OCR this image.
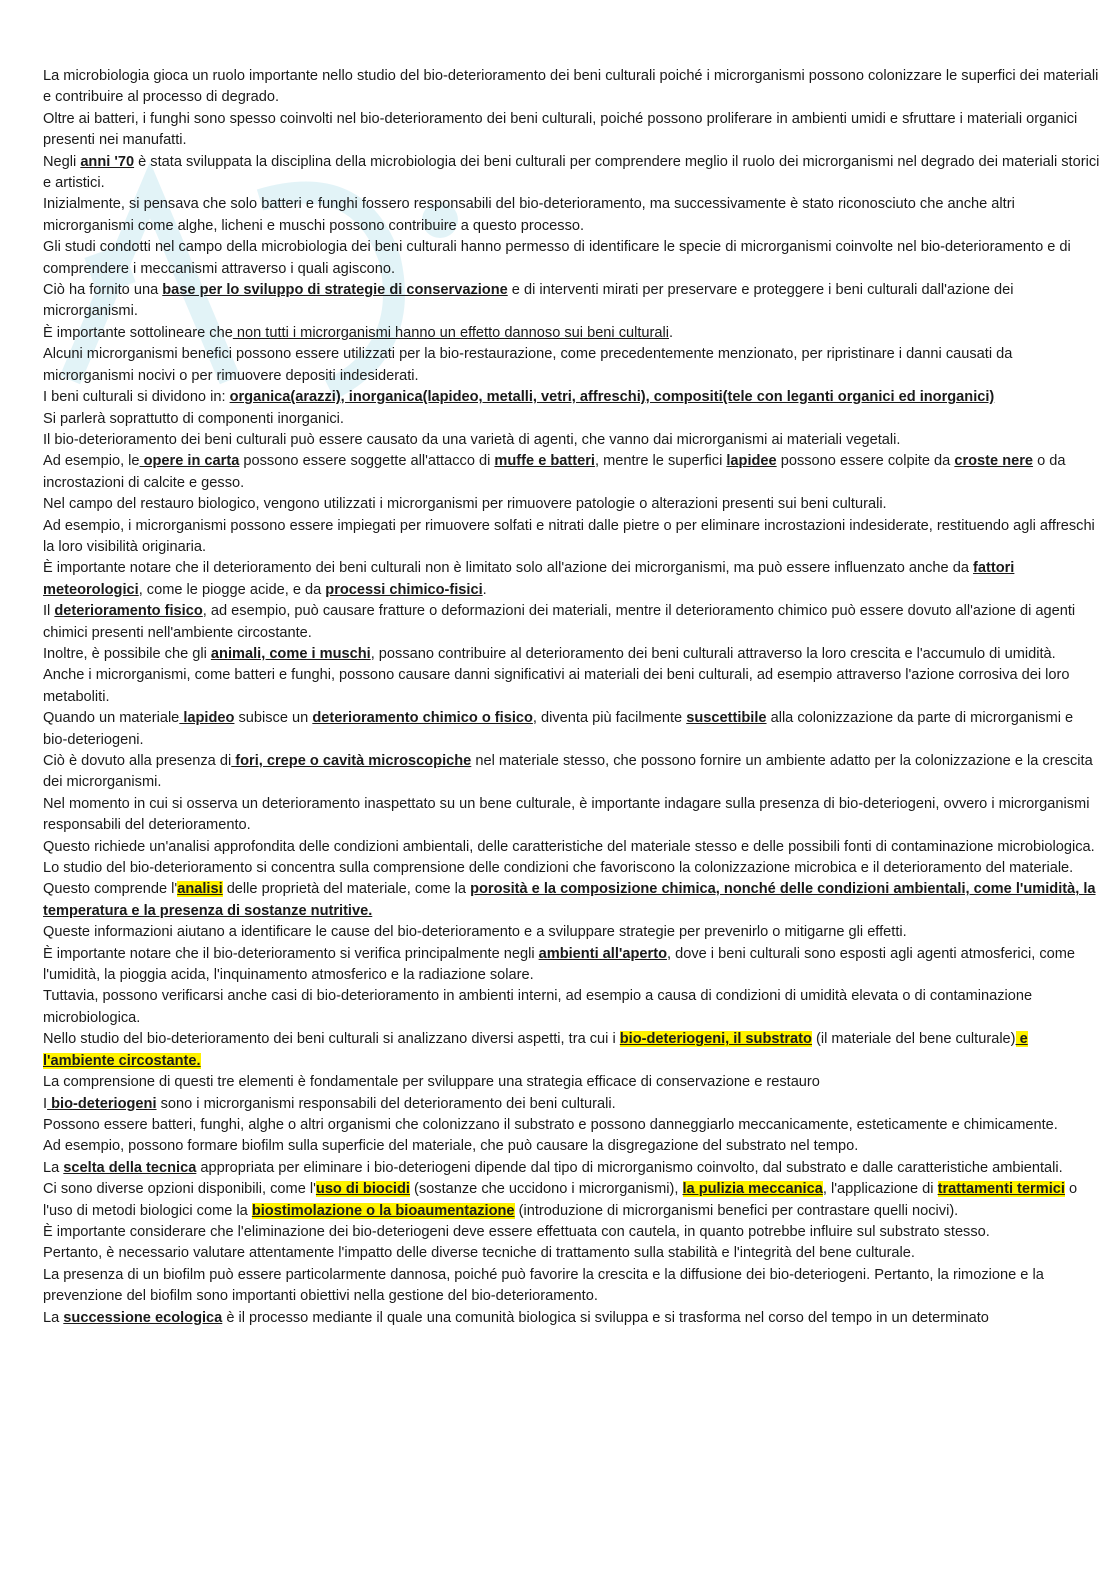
La microbiologia gioca un ruolo importante nello studio del bio-deterioramento dei beni culturali poiché i microrganismi possono colonizzare le superfici dei materiali e contribuire al processo di degrado.

Oltre ai batteri, i funghi sono spesso coinvolti nel bio-deterioramento dei beni culturali, poiché possono proliferare in ambienti umidi e sfruttare i materiali organici presenti nei manufatti.

Negli anni '70 è stata sviluppata la disciplina della microbiologia dei beni culturali per comprendere meglio il ruolo dei microrganismi nel degrado dei materiali storici e artistici.

Inizialmente, si pensava che solo batteri e funghi fossero responsabili del bio-deterioramento, ma successivamente è stato riconosciuto che anche altri microrganismi come alghe, licheni e muschi possono contribuire a questo processo.

Gli studi condotti nel campo della microbiologia dei beni culturali hanno permesso di identificare le specie di microrganismi coinvolte nel bio-deterioramento e di comprendere i meccanismi attraverso i quali agiscono.

Ciò ha fornito una base per lo sviluppo di strategie di conservazione e di interventi mirati per preservare e proteggere i beni culturali dall'azione dei microrganismi.

È importante sottolineare che non tutti i microrganismi hanno un effetto dannoso sui beni culturali.

Alcuni microrganismi benefici possono essere utilizzati per la bio-restaurazione, come precedentemente menzionato, per ripristinare i danni causati da microrganismi nocivi o per rimuovere depositi indesiderati.

I beni culturali si dividono in: organica(arazzi), inorganica(lapideo, metalli, vetri, affreschi), compositi(tele con leganti organici ed inorganici)

Si parlerà soprattutto di componenti inorganici.

Il bio-deterioramento dei beni culturali può essere causato da una varietà di agenti, che vanno dai microrganismi ai materiali vegetali.

Ad esempio, le opere in carta possono essere soggette all'attacco di muffe e batteri, mentre le superfici lapidee possono essere colpite da croste nere o da incrostazioni di calcite e gesso.

Nel campo del restauro biologico, vengono utilizzati i microrganismi per rimuovere patologie o alterazioni presenti sui beni culturali.

Ad esempio, i microrganismi possono essere impiegati per rimuovere solfati e nitrati dalle pietre o per eliminare incrostazioni indesiderate, restituendo agli affreschi la loro visibilità originaria.

È importante notare che il deterioramento dei beni culturali non è limitato solo all'azione dei microrganismi, ma può essere influenzato anche da fattori meteorologici, come le piogge acide, e da processi chimico-fisici.

Il deterioramento fisico, ad esempio, può causare fratture o deformazioni dei materiali, mentre il deterioramento chimico può essere dovuto all'azione di agenti chimici presenti nell'ambiente circostante.

Inoltre, è possibile che gli animali, come i muschi, possano contribuire al deterioramento dei beni culturali attraverso la loro crescita e l'accumulo di umidità.

Anche i microrganismi, come batteri e funghi, possono causare danni significativi ai materiali dei beni culturali, ad esempio attraverso l'azione corrosiva dei loro metaboliti.

Quando un materiale lapideo subisce un deterioramento chimico o fisico, diventa più facilmente suscettibile alla colonizzazione da parte di microrganismi e bio-deteriogeni.

Ciò è dovuto alla presenza di fori, crepe o cavità microscopiche nel materiale stesso, che possono fornire un ambiente adatto per la colonizzazione e la crescita dei microrganismi.

Nel momento in cui si osserva un deterioramento inaspettato su un bene culturale, è importante indagare sulla presenza di bio-deteriogeni, ovvero i microrganismi responsabili del deterioramento.

Questo richiede un'analisi approfondita delle condizioni ambientali, delle caratteristiche del materiale stesso e delle possibili fonti di contaminazione microbiologica.

Lo studio del bio-deterioramento si concentra sulla comprensione delle condizioni che favoriscono la colonizzazione microbica e il deterioramento del materiale.

Questo comprende l'analisi delle proprietà del materiale, come la porosità e la composizione chimica, nonché delle condizioni ambientali, come l'umidità, la temperatura e la presenza di sostanze nutritive.

Queste informazioni aiutano a identificare le cause del bio-deterioramento e a sviluppare strategie per prevenirlo o mitigarne gli effetti.

È importante notare che il bio-deterioramento si verifica principalmente negli ambienti all'aperto, dove i beni culturali sono esposti agli agenti atmosferici, come l'umidità, la pioggia acida, l'inquinamento atmosferico e la radiazione solare.

Tuttavia, possono verificarsi anche casi di bio-deterioramento in ambienti interni, ad esempio a causa di condizioni di umidità elevata o di contaminazione microbiologica.

Nello studio del bio-deterioramento dei beni culturali si analizzano diversi aspetti, tra cui i bio-deteriogeni, il substrato (il materiale del bene culturale) e l'ambiente circostante.

La comprensione di questi tre elementi è fondamentale per sviluppare una strategia efficace di conservazione e restauro

I bio-deteriogeni sono i microrganismi responsabili del deterioramento dei beni culturali.

Possono essere batteri, funghi, alghe o altri organismi che colonizzano il substrato e possono danneggiarlo meccanicamente, esteticamente e chimicamente.

Ad esempio, possono formare biofilm sulla superficie del materiale, che può causare la disgregazione del substrato nel tempo.

La scelta della tecnica appropriata per eliminare i bio-deteriogeni dipende dal tipo di microrganismo coinvolto, dal substrato e dalle caratteristiche ambientali.

Ci sono diverse opzioni disponibili, come l'uso di biocidi (sostanze che uccidono i microrganismi), la pulizia meccanica, l'applicazione di trattamenti termici o l'uso di metodi biologici come la biostimolazione o la bioaumentazione (introduzione di microrganismi benefici per contrastare quelli nocivi).

È importante considerare che l'eliminazione dei bio-deteriogeni deve essere effettuata con cautela, in quanto potrebbe influire sul substrato stesso.

Pertanto, è necessario valutare attentamente l'impatto delle diverse tecniche di trattamento sulla stabilità e l'integrità del bene culturale.

La presenza di un biofilm può essere particolarmente dannosa, poiché può favorire la crescita e la diffusione dei bio-deteriogeni. Pertanto, la rimozione e la prevenzione del biofilm sono importanti obiettivi nella gestione del bio-deterioramento.

La successione ecologica è il processo mediante il quale una comunità biologica si sviluppa e si trasforma nel corso del tempo in un determinato
